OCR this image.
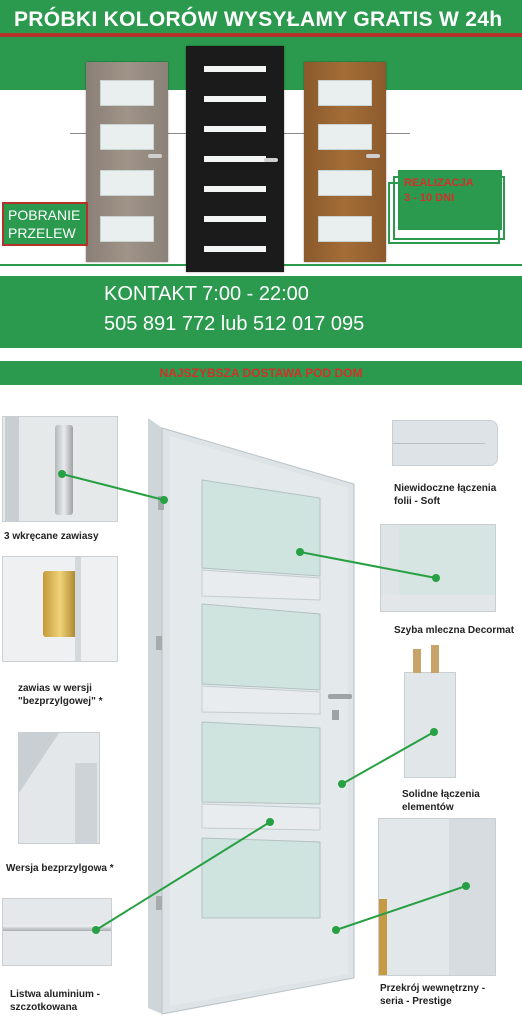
PRÓBKI KOLORÓW WYSYŁAMY GRATIS W 24h
POBRANIE
PRZELEW
REALIZACJA
3 - 10 DNI
KONTAKT 7:00 - 22:00
505 891 772 lub 512 017 095
NAJSZYBSZA DOSTAWA POD DOM
3 wkręcane zawiasy
zawias w wersji "bezprzylgowej" *
Wersja bezprzylgowa *
Listwa aluminium - szczotkowana
Niewidoczne łączenia folii - Soft
Szyba mleczna Decormat
Solidne łączenia elementów
Przekrój wewnętrzny - seria - Prestige
